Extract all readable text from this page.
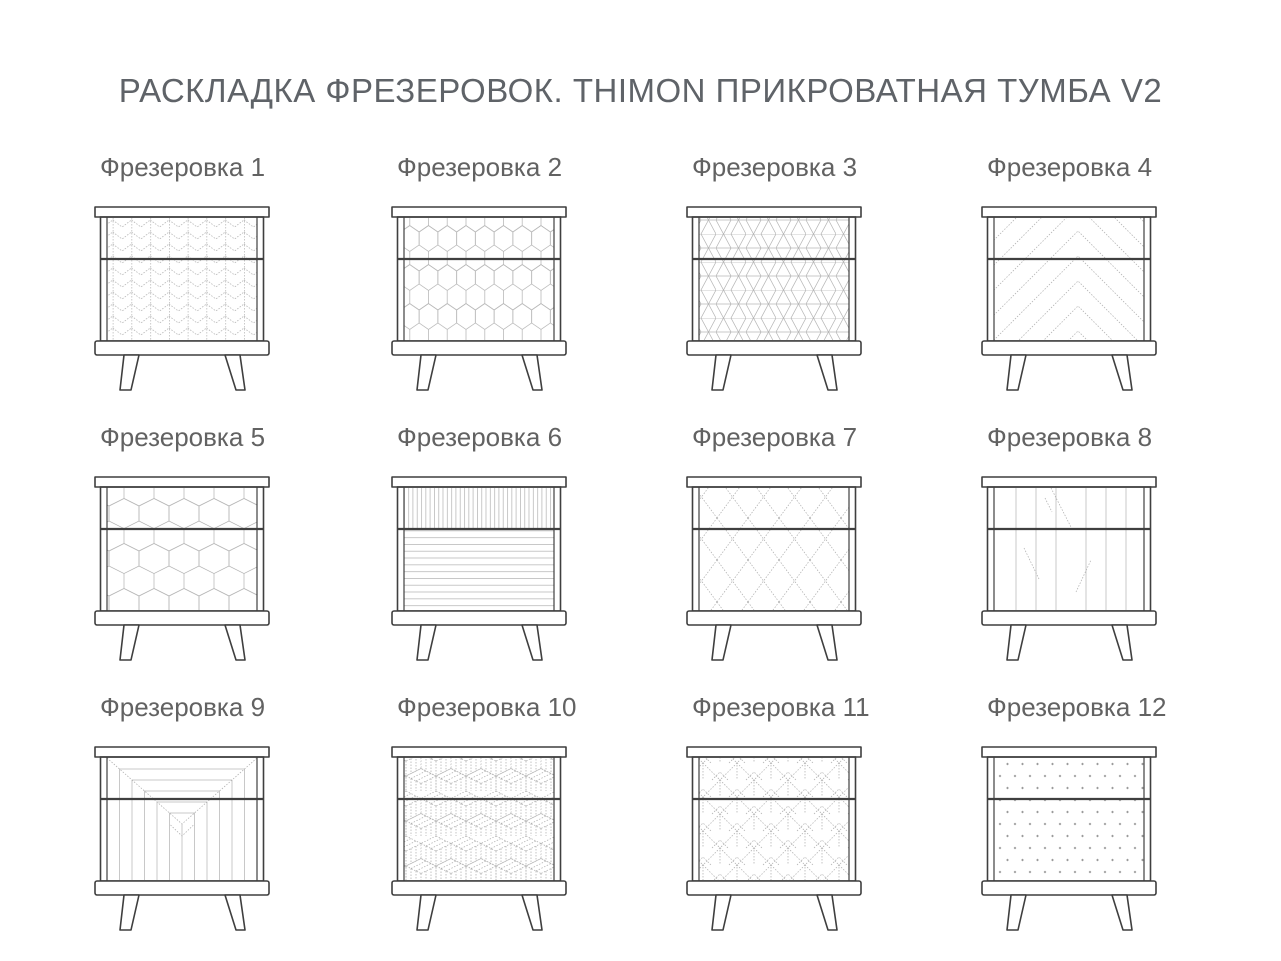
РАСКЛАДКА ФРЕЗЕРОВОК. THIMON ПРИКРОВАТНАЯ ТУМБА V2
Фрезеровка 1	Фрезеровка 2	Фрезеровка 3	Фрезеровка 4
Фрезеровка 5	Фрезеровка 6	Фрезеровка 7	Фрезеровка 8
Фрезеровка 9	Фрезеровка 10	Фрезеровка 11	Фрезеровка 12
